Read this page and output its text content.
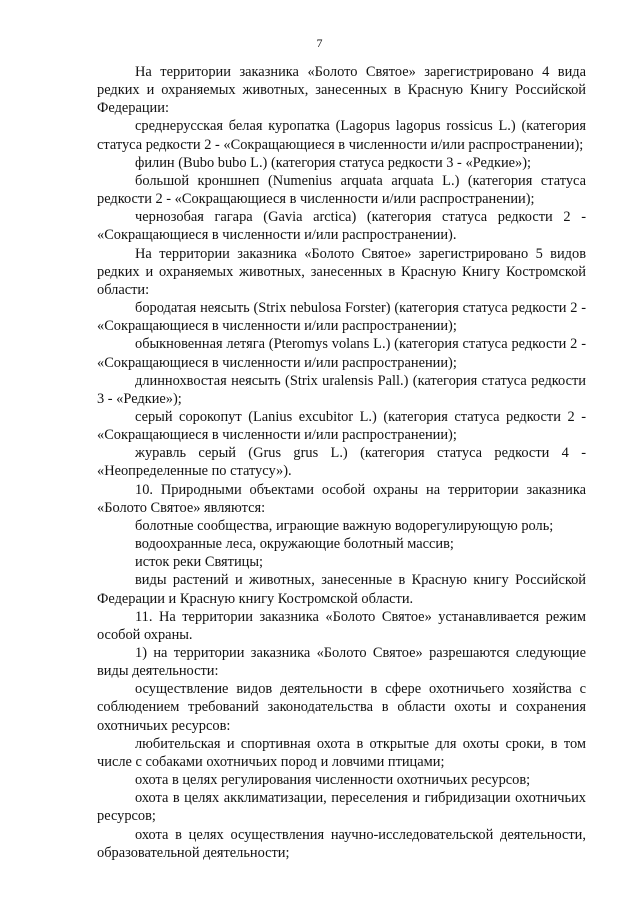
7

На территории заказника «Болото Святое» зарегистрировано 4 вида редких и охраняемых животных, занесенных в Красную Книгу Российской Федерации:

среднерусская белая куропатка (Lagopus lagopus rossicus L.) (категория статуса редкости 2 - «Сокращающиеся в численности и/или распространении);

филин (Bubo bubo L.) (категория статуса редкости 3 - «Редкие»);

большой кроншнеп (Numenius arquata arquata L.) (категория статуса редкости 2 - «Сокращающиеся в численности и/или распространении);

чернозобая гагара (Gavia arctica) (категория статуса редкости 2 - «Сокращающиеся в численности и/или распространении).

На территории заказника «Болото Святое» зарегистрировано 5 видов редких и охраняемых животных, занесенных в Красную Книгу Костромской области:

бородатая неясыть (Strix nebulosa Forster) (категория статуса редкости 2 - «Сокращающиеся в численности и/или распространении);

обыкновенная летяга (Pteromys volans L.) (категория статуса редкости 2 - «Сокращающиеся в численности и/или распространении);

длиннохвостая неясыть (Strix uralensis Pall.) (категория статуса редкости 3 - «Редкие»);

серый сорокопут (Lanius excubitor L.) (категория статуса редкости 2 - «Сокращающиеся в численности и/или распространении);

журавль серый (Grus grus L.) (категория статуса редкости 4 - «Неопределенные по статусу»).

10. Природными объектами особой охраны на территории заказника «Болото Святое» являются:

болотные сообщества, играющие важную водорегулирующую роль;

водоохранные леса, окружающие болотный массив;

исток реки Святицы;

виды растений и животных, занесенные в Красную книгу Российской Федерации и Красную книгу Костромской области.

11. На территории заказника «Болото Святое» устанавливается режим особой охраны.

1) на территории заказника «Болото Святое» разрешаются следующие виды деятельности:

осуществление видов деятельности в сфере охотничьего хозяйства с соблюдением требований законодательства в области охоты и сохранения охотничьих ресурсов:

любительская и спортивная охота в открытые для охоты сроки, в том числе с собаками охотничьих пород и ловчими птицами;

охота в целях регулирования численности охотничьих ресурсов;

охота в целях акклиматизации, переселения и гибридизации охотничьих ресурсов;

охота в целях осуществления научно-исследовательской деятельности, образовательной деятельности;
